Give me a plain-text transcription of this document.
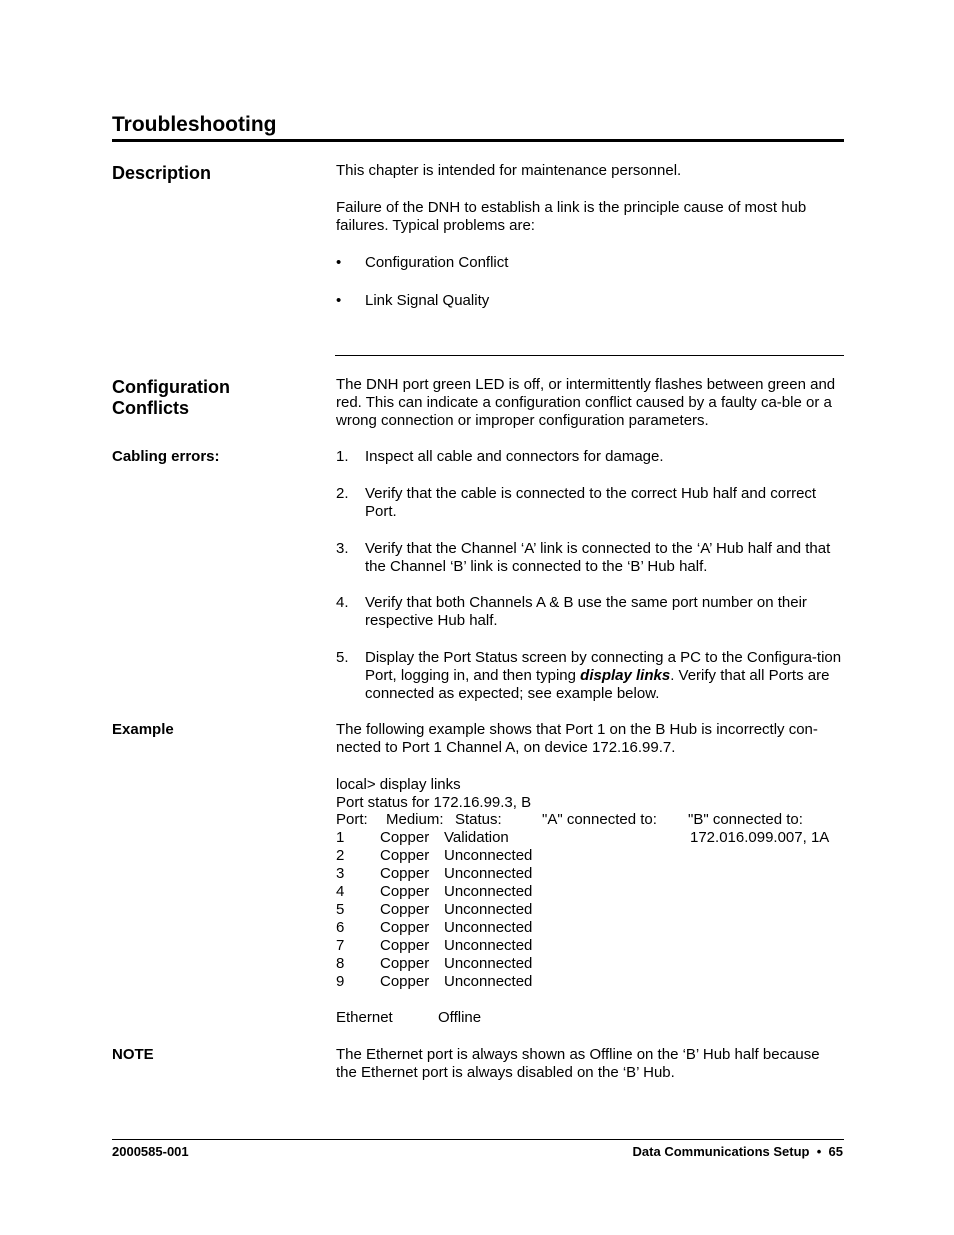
Troubleshooting
Description	This chapter is intended for maintenance personnel.

Failure of the DNH to establish a link is the principle cause of most hub failures. Typical problems are:

• Configuration Conflict
• Link Signal Quality
Configuration
Conflicts

The DNH port green LED is off, or intermittently flashes between green and red. This can indicate a configuration conflict caused by a faulty ca-ble or a wrong connection or improper configuration parameters.

Cabling errors:	1. Inspect all cable and connectors for damage.
2. Verify that the cable is connected to the correct Hub half and correct Port.
3. Verify that the Channel ‘A’ link is connected to the ‘A’ Hub half and that the Channel ‘B’ link is connected to the ‘B’ Hub half.
4. Verify that both Channels A & B use the same port number on their respective Hub half.
5. Display the Port Status screen by connecting a PC to the Configura-tion Port, logging in, and then typing display links. Verify that all Ports are connected as expected; see example below.
Example	The following example shows that Port 1 on the B Hub is incorrectly con-nected to Port 1 Channel A, on device 172.16.99.7.

local> display links
Port status for 172.16.99.3, B
Port: Medium: Status:	"A" connected to: "B" connected to:
1 Copper Validation	172.016.099.007, 1A
2 Copper Unconnected
3 Copper Unconnected
4 Copper Unconnected
5 Copper Unconnected
6 Copper Unconnected
7 Copper Unconnected
8 Copper Unconnected
9 Copper Unconnected
Ethernet	Offline
NOTE	The Ethernet port is always shown as Offline on the ‘B’ Hub half because the Ethernet port is always disabled on the ‘B’ Hub.

2000585-001	Data Communications Setup • 65
